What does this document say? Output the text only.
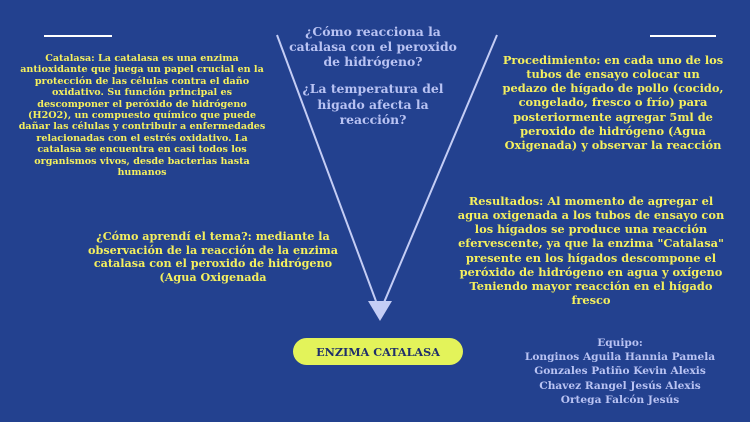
¿Cómo reacciona la catalasa con el peroxido de hidrógeno?
¿La temperatura del higado afecta la reacción?
Catalasa: La catalasa es una enzima antioxidante que juega un papel crucial en la protección de las células contra el daño oxidativo. Su función principal es descomponer el peróxido de hidrógeno (H2O2), un compuesto químico que puede dañar las células y contribuir a enfermedades relacionadas con el estrés oxidativo. La catalasa se encuentra en casi todos los organismos vivos, desde bacterias hasta humanos
¿Cómo aprendí el tema?: mediante la observación de la reacción de la enzima catalasa con el peroxido de hidrógeno (Agua Oxigenada
Procedimiento: en cada uno de los tubos de ensayo colocar un pedazo de hígado de pollo (cocido, congelado, fresco o frío) para posteriormente agregar 5ml de peroxido de hidrógeno (Agua Oxigenada) y observar la reacción
Resultados: Al momento de agregar el agua oxigenada a los tubos de ensayo con los hígados se produce una reacción efervescente, ya que la enzima "Catalasa" presente en los hígados descompone el peróxido de hidrógeno en agua y oxígeno Teniendo mayor reacción en el hígado fresco
ENZIMA CATALASA
Equipo:
Longinos Aguila Hannia Pamela
Gonzales Patiño Kevin Alexis
Chavez Rangel Jesús Alexis
Ortega Falcón Jesús
